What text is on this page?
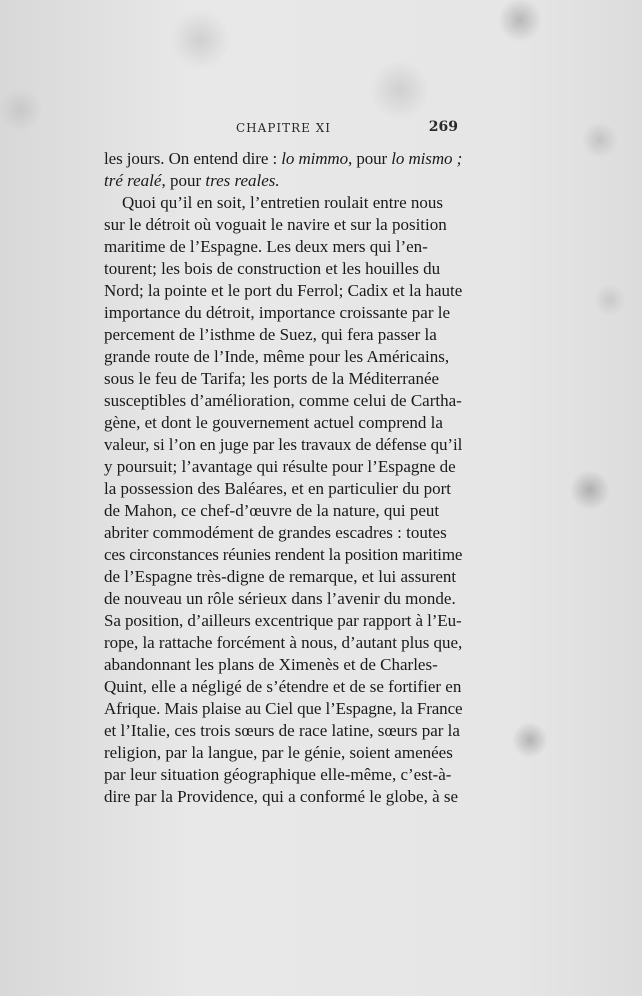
CHAPITRE XI	269
les jours. On entend dire : lo mimmo , pour lo mismo ;
tré realé , pour tres reales.
Quoi qu’il en soit, l’entretien roulait entre nous
sur le détroit où voguait le navire et sur la position
maritime de l’Espagne. Les deux mers qui l’en-
tourent; les bois de construction et les houilles du
Nord; la pointe et le port du Ferrol; Cadix et la haute
importance du détroit, importance croissante par le
percement de l’isthme de Suez, qui fera passer la
grande route de l’Inde, même pour les Américains,
sous le feu de Tarifa; les ports de la Méditerranée
susceptibles d’amélioration, comme celui de Cartha-
gène, et dont le gouvernement actuel comprend la
valeur, si l’on en juge par les travaux de défense qu’il
y poursuit; l’avantage qui résulte pour l’Espagne de
la possession des Baléares, et en particulier du port
de Mahon, ce chef-d’œuvre de la nature, qui peut
abriter commodément de grandes escadres : toutes
ces circonstances réunies rendent la position maritime
de l’Espagne très-digne de remarque, et lui assurent
de nouveau un rôle sérieux dans l’avenir du monde.
Sa position, d’ailleurs excentrique par rapport à l’Eu-
rope, la rattache forcément à nous, d’autant plus que,
abandonnant les plans de Ximenès et de Charles-
Quint, elle a négligé de s’étendre et de se fortifier en
Afrique. Mais plaise au Ciel que l’Espagne, la France
et l’Italie, ces trois sœurs de race latine, sœurs par la
religion, par la langue, par le génie, soient amenées
par leur situation géographique elle-même, c’est-à-
dire par la Providence, qui a conformé le globe, à se
